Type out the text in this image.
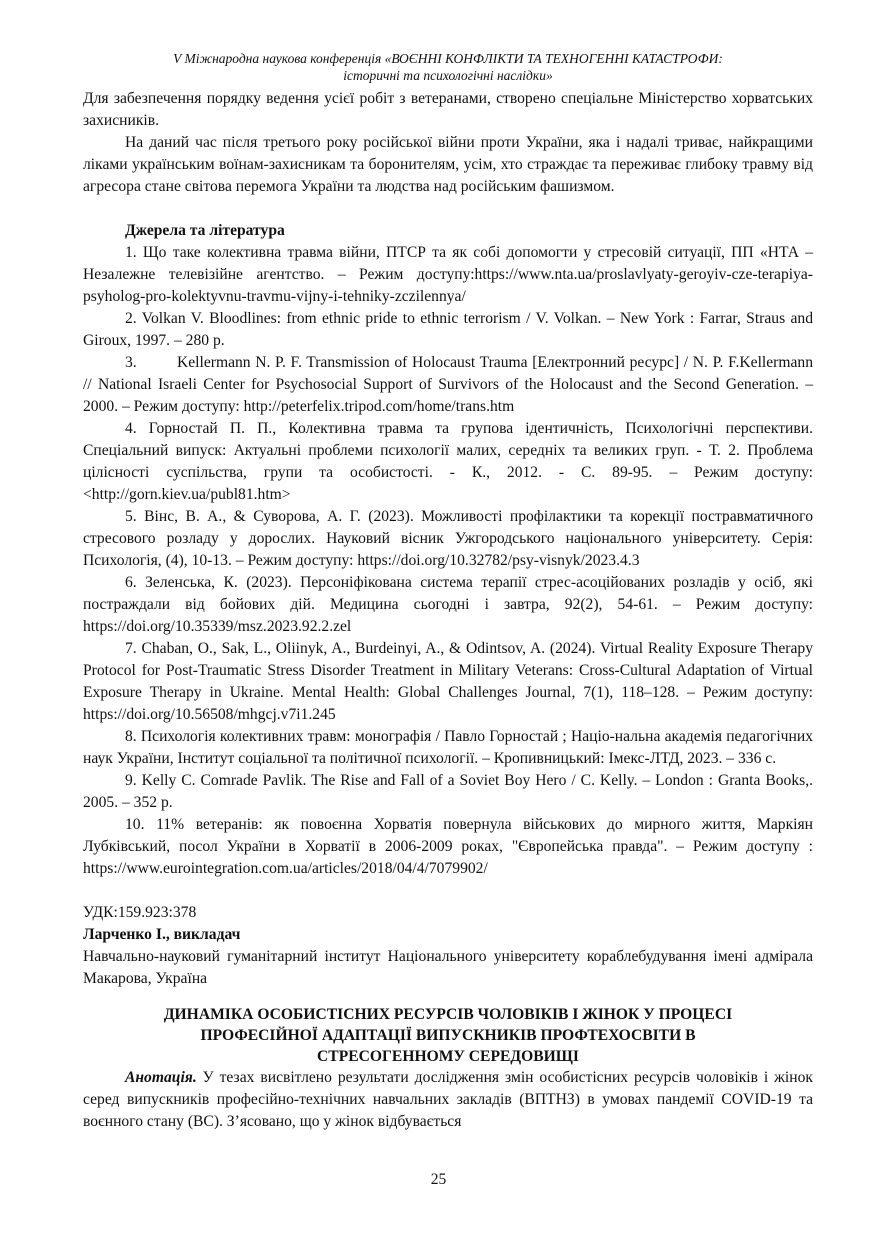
V Міжнародна наукова конференція «ВОЄННІ КОНФЛІКТИ ТА ТЕХНОГЕННІ КАТАСТРОФИ:
історичні та психологічні наслідки»

Для забезпечення порядку ведення усієї робіт з ветеранами, створено спеціальне Міністерство хорватських захисників.

На даний час після третього року російської війни проти України, яка і надалі триває, найкращими ліками українським воїнам-захисникам та боронителям, усім, хто страждає та переживає глибоку травму від агресора стане світова перемога України та людства над російським фашизмом.

Джерела та література

1. Що таке колективна травма війни, ПТСР та як собі допомогти у стресовій ситуації, ПП «НТА – Незалежне телевізійне агентство. – Режим доступу:https://www.nta.ua/proslavlyaty-geroyiv-cze-terapiya-psyholog-pro-kolektyvnu-travmu-vijny-i-tehniky-zczilennya/

2. Volkan V. Bloodlines: from ethnic pride to ethnic terrorism / V. Volkan. – New York : Farrar, Straus and Giroux, 1997. – 280 p.

3.	Kellermann N. P. F. Transmission of Holocaust Trauma [Електронний ресурс] / N. P. F.Kellermann // National Israeli Center for Psychosocial Support of Survivors of the Holocaust and the Second Generation. – 2000. – Режим доступу: http://peterfelix.tripod.com/home/trans.htm

4. Горностай П. П., Колективна травма та групова ідентичність, Психологічні перспективи. Спеціальний випуск: Актуальні проблеми психології малих, середніх та великих груп. - Т. 2. Проблема цілісності суспільства, групи та особистості. - К., 2012. - С. 89-95. – Режим доступу:<http://gorn.kiev.ua/publ81.htm>

5. Вінс, В. А., & Суворова, А. Г. (2023). Можливості профілактики та корекції постравматичного стресового розладу у дорослих. Науковий вісник Ужгородського національного університету. Серія: Психологія, (4), 10-13. – Режим доступу: https://doi.org/10.32782/psy-visnyk/2023.4.3

6. Зеленська, К. (2023). Персоніфікована система терапії стрес-асоційованих розладів у осіб, які постраждали від бойових дій. Медицина сьогодні і завтра, 92(2), 54-61. – Режим доступу: https://doi.org/10.35339/msz.2023.92.2.zel

7. Chaban, O., Sak, L., Oliinyk, A., Burdeinyi, A., & Odintsov, A. (2024). Virtual Reality Exposure Therapy Protocol for Post-Traumatic Stress Disorder Treatment in Military Veterans: Cross-Cultural Adaptation of Virtual Exposure Therapy in Ukraine. Mental Health: Global Challenges Journal, 7(1), 118–128. – Режим доступу: https://doi.org/10.56508/mhgcj.v7i1.245

8. Психологія колективних травм: монографія / Павло Горностай ; Націо-нальна академія педагогічних наук України, Інститут соціальної та політичної психології. – Кропивницький: Імекс-ЛТД, 2023. – 336 с.

9. Kelly C. Comrade Pavlik. The Rise and Fall of a Soviet Boy Hero / C. Kelly. – London : Granta Books,. 2005. – 352 p.

10. 11% ветеранів: як повоєнна Хорватія повернула військових до мирного життя, Маркіян Лубківський, посол України в Хорватії в 2006-2009 роках, "Європейська правда". – Режим доступу : https://www.eurointegration.com.ua/articles/2018/04/4/7079902/

УДК:159.923:378

Ларченко І., викладач

Навчально-науковий гуманітарний інститут Національного університету кораблебудування імені адмірала Макарова, Україна

ДИНАМІКА ОСОБИСТІСНИХ РЕСУРСІВ ЧОЛОВІКІВ І ЖІНОК У ПРОЦЕСІ
ПРОФЕСІЙНОЇ АДАПТАЦІЇ ВИПУСКНИКІВ ПРОФТЕХОСВІТИ В
СТРЕСОГЕННОМУ СЕРЕДОВИЩІ

Анотація. У тезах висвітлено результати дослідження змін особистісних ресурсів чоловіків і жінок серед випускників професійно-технічних навчальних закладів (ВПТНЗ) в умовах пандемії COVID-19 та воєнного стану (ВС). З’ясовано, що у жінок відбувається

25
